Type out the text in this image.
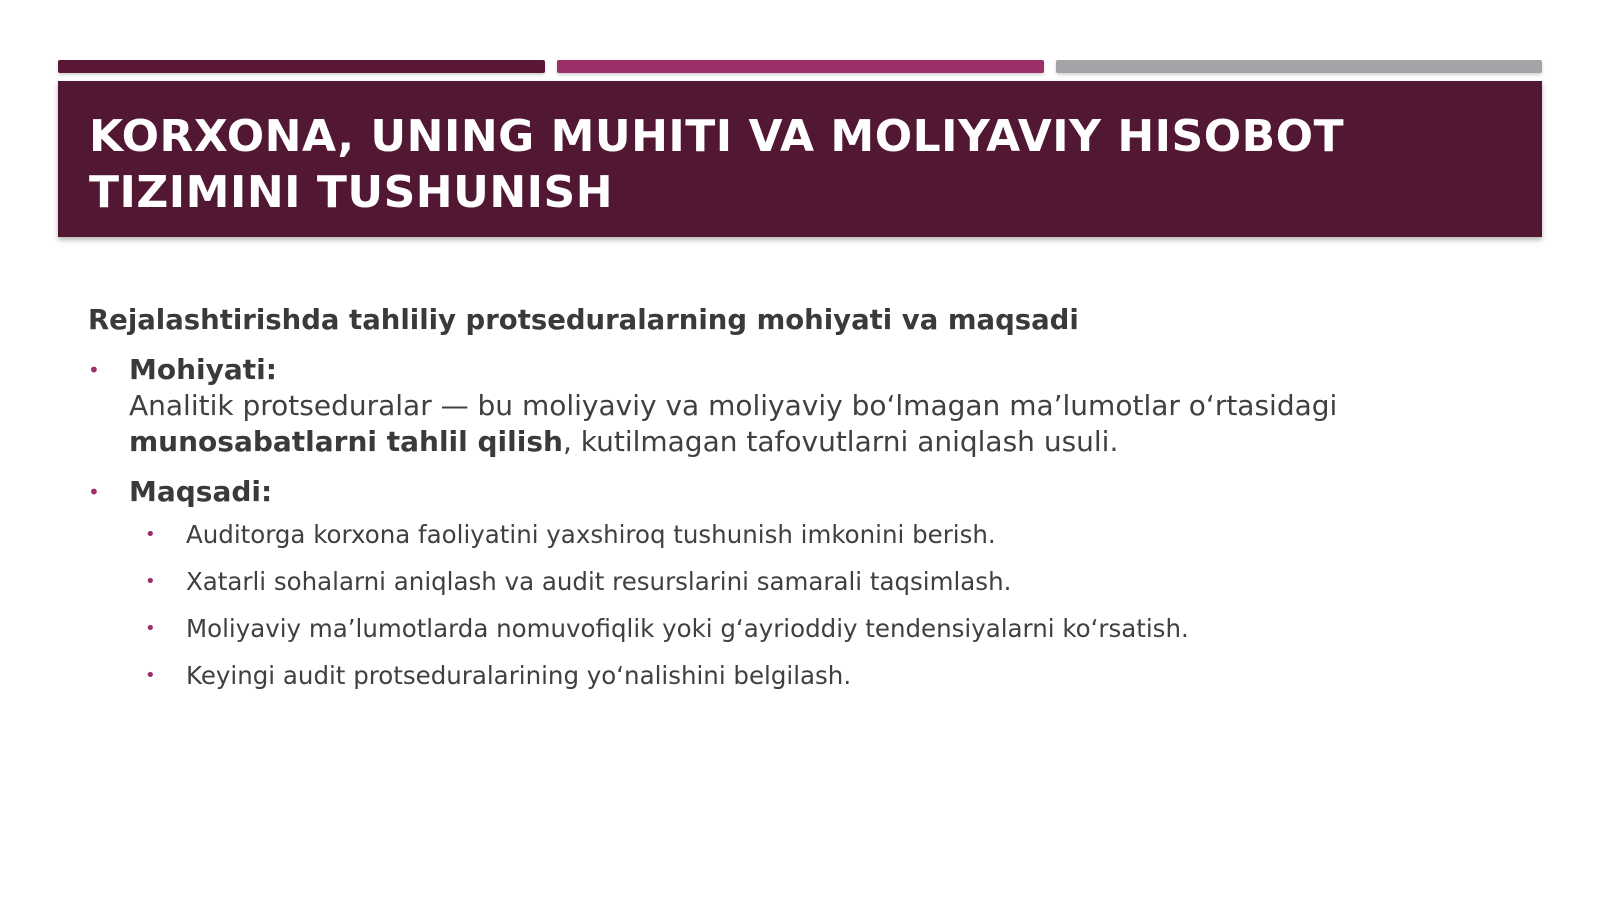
KORXONA, UNING MUHITI VA MOLIYAVIY HISOBOT TIZIMINI TUSHUNISH

Rejalashtirishda tahliliy protseduralarning mohiyati va maqsadi

• Mohiyati:
Analitik protseduralar — bu moliyaviy va moliyaviy bo‘lmagan ma’lumotlar o‘rtasidagi munosabatlarni tahlil qilish, kutilmagan tafovutlarni aniqlash usuli.
• Maqsadi:
• Auditorga korxona faoliyatini yaxshiroq tushunish imkonini berish.
• Xatarli sohalarni aniqlash va audit resurslarini samarali taqsimlash.
• Moliyaviy ma’lumotlarda nomuvofiqlik yoki g‘ayrioddiy tendensiyalarni ko‘rsatish.
• Keyingi audit protseduralarining yo‘nalishini belgilash.
